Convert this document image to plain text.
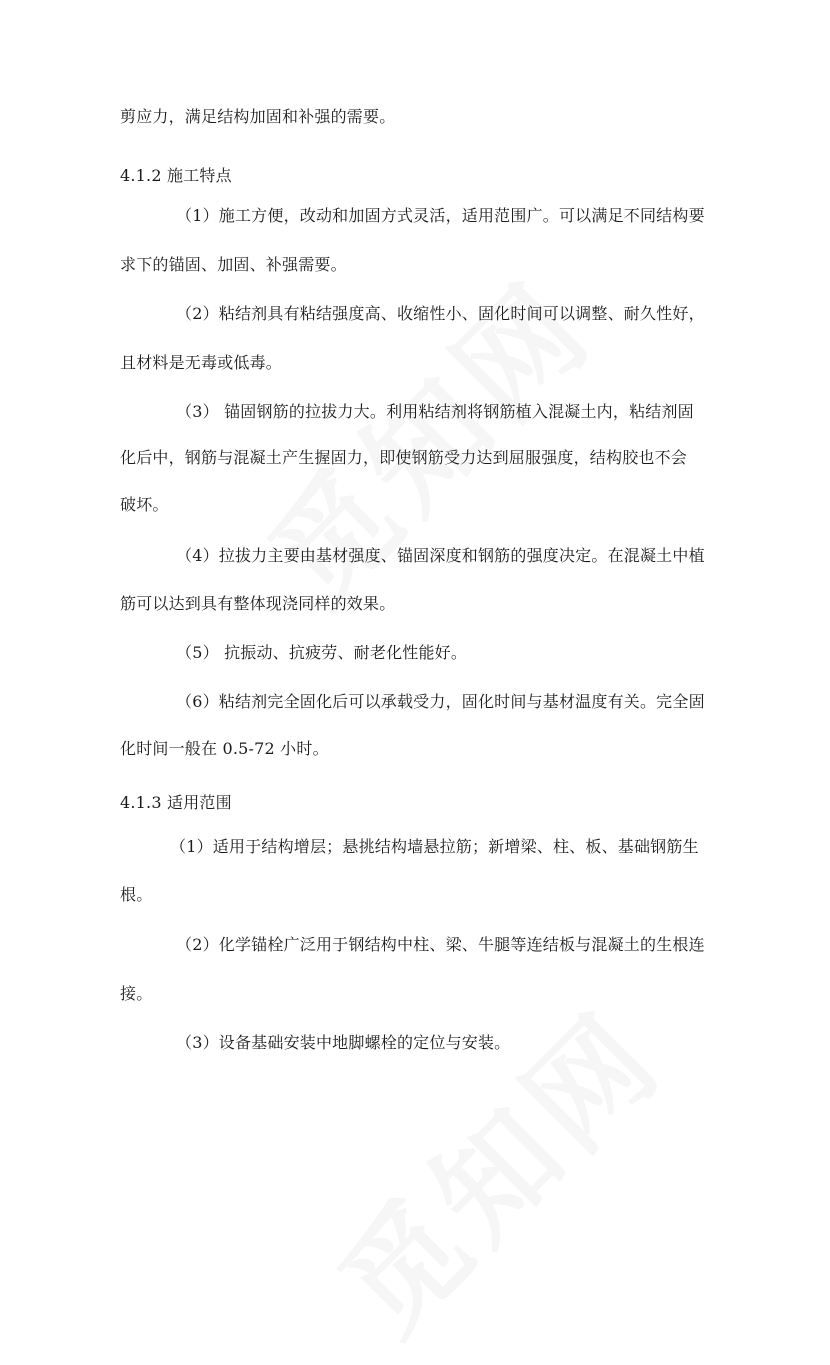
剪应力，满足结构加固和补强的需要。
4.1.2 施工特点
（1）施工方便，改动和加固方式灵活，适用范围广。可以满足不同结构要
求下的锚固、加固、补强需要。
（2）粘结剂具有粘结强度高、收缩性小、固化时间可以调整、耐久性好，
且材料是无毒或低毒。
（3） 锚固钢筋的拉拔力大。利用粘结剂将钢筋植入混凝土内，粘结剂固
化后中，钢筋与混凝土产生握固力，即使钢筋受力达到屈服强度，结构胶也不会
破坏。
（4）拉拔力主要由基材强度、锚固深度和钢筋的强度决定。在混凝土中植
筋可以达到具有整体现浇同样的效果。
（5） 抗振动、抗疲劳、耐老化性能好。
（6）粘结剂完全固化后可以承载受力，固化时间与基材温度有关。完全固
化时间一般在 0.5-72 小时。
4.1.3 适用范围
（1）适用于结构增层；悬挑结构墙悬拉筋；新增梁、柱、板、基础钢筋生
根。
（2）化学锚栓广泛用于钢结构中柱、梁、牛腿等连结板与混凝土的生根连
接。
（3）设备基础安装中地脚螺栓的定位与安装。
